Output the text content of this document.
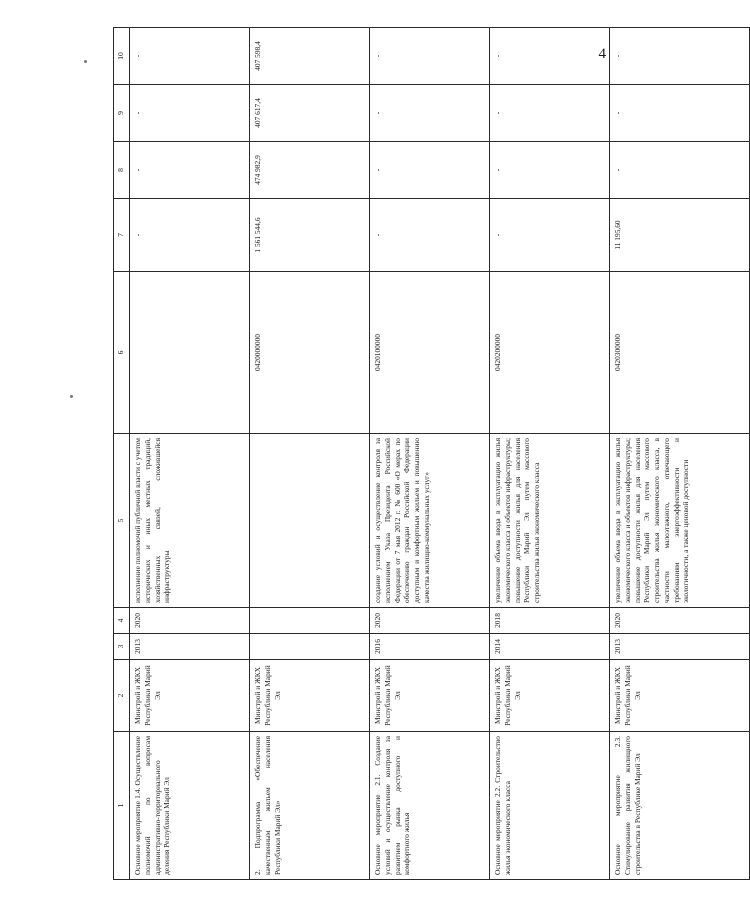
4
1	2	3	4	5	6	7	8	9	10
Основное мероприятие 1.4. Осуществление полномочий по вопросам административно-территориального деления Республики Марий Эл	Минстрой и ЖКХ Республики Марий Эл	2013	2020	исполнение полномочий публичной власти с учетом исторических и иных местных традиций, хозяйственных связей, сложившейся инфраструктуры		-	-	-	-
2. Подпрограмма «Обеспечение качественным жильем населения Республики Марий Эл»	Минстрой и ЖКХ Республики Марий Эл				0420000000	1 561 544,6	474 982,9	407 617,4	407 598,4
Основное мероприятие 2.1. Создание условий и осуществление контроля за развитием рынка доступного и комфортного жилья	Минстрой и ЖКХ Республики Марий Эл	2016	2020	создание условий и осуществление контроля за исполнением Указа Президента Российской Федерации от 7 мая 2012 г. № 600 «О мерах по обеспечению граждан Российской Федерации доступным и комфортным жильем и повышению качества жилищно-коммунальных услуг»	0420100000	-	-	-	-
Основное мероприятие 2.2. Строительство жилья экономического класса	Минстрой и ЖКХ Республики Марий Эл	2014	2018	увеличение объема ввода в эксплуатацию жилья экономического класса и объектов инфраструктуры; повышение доступности жилья для населения Республики Марий Эл путем массового строительства жилья экономического класса	0420200000	-	-	-	-
Основное мероприятие 2.3. Стимулирование развития жилищного строительства в Республике Марий Эл	Минстрой и ЖКХ Республики Марий Эл	2013	2020	увеличение объема ввода в эксплуатацию жилья экономического класса и объектов инфраструктуры; повышение доступности жилья для населения Республики Марий Эл путем массового строительства жилья экономического класса, в частности малоэтажного, отвечающего требованиям энергоэффективности и экологичности, а также ценовой доступности	0420300000	11 195,60	-	-	-
